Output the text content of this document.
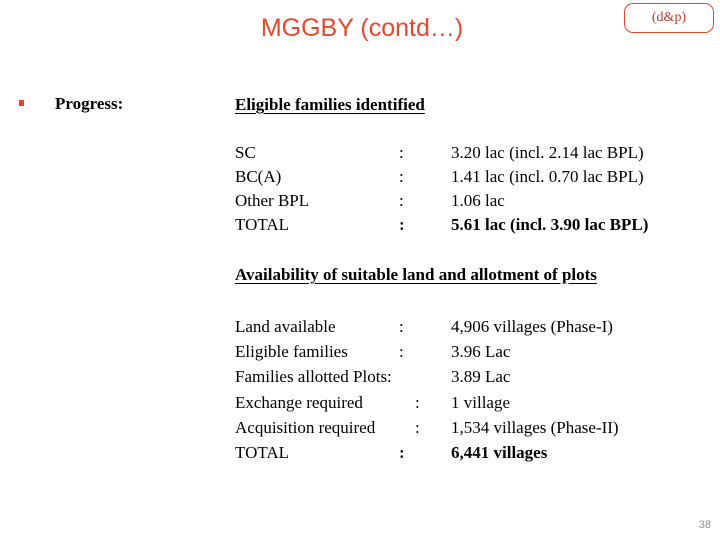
MGGBY (contd…)	(d&p)
Progress:	Eligible families identified
SC	:	3.20 lac (incl. 2.14 lac BPL)
BC(A)	:	1.41 lac (incl. 0.70 lac BPL)
Other BPL	:	1.06 lac
TOTAL	:	5.61 lac (incl. 3.90 lac BPL)
Availability of suitable land and allotment of plots
Land available	:	4,906 villages (Phase-I)
Eligible families	:	3.96 Lac
Families allotted Plots:	3.89 Lac
Exchange required	: 1 village
Acquisition required : 1,534 villages (Phase-II)
TOTAL	:	6,441 villages
38
